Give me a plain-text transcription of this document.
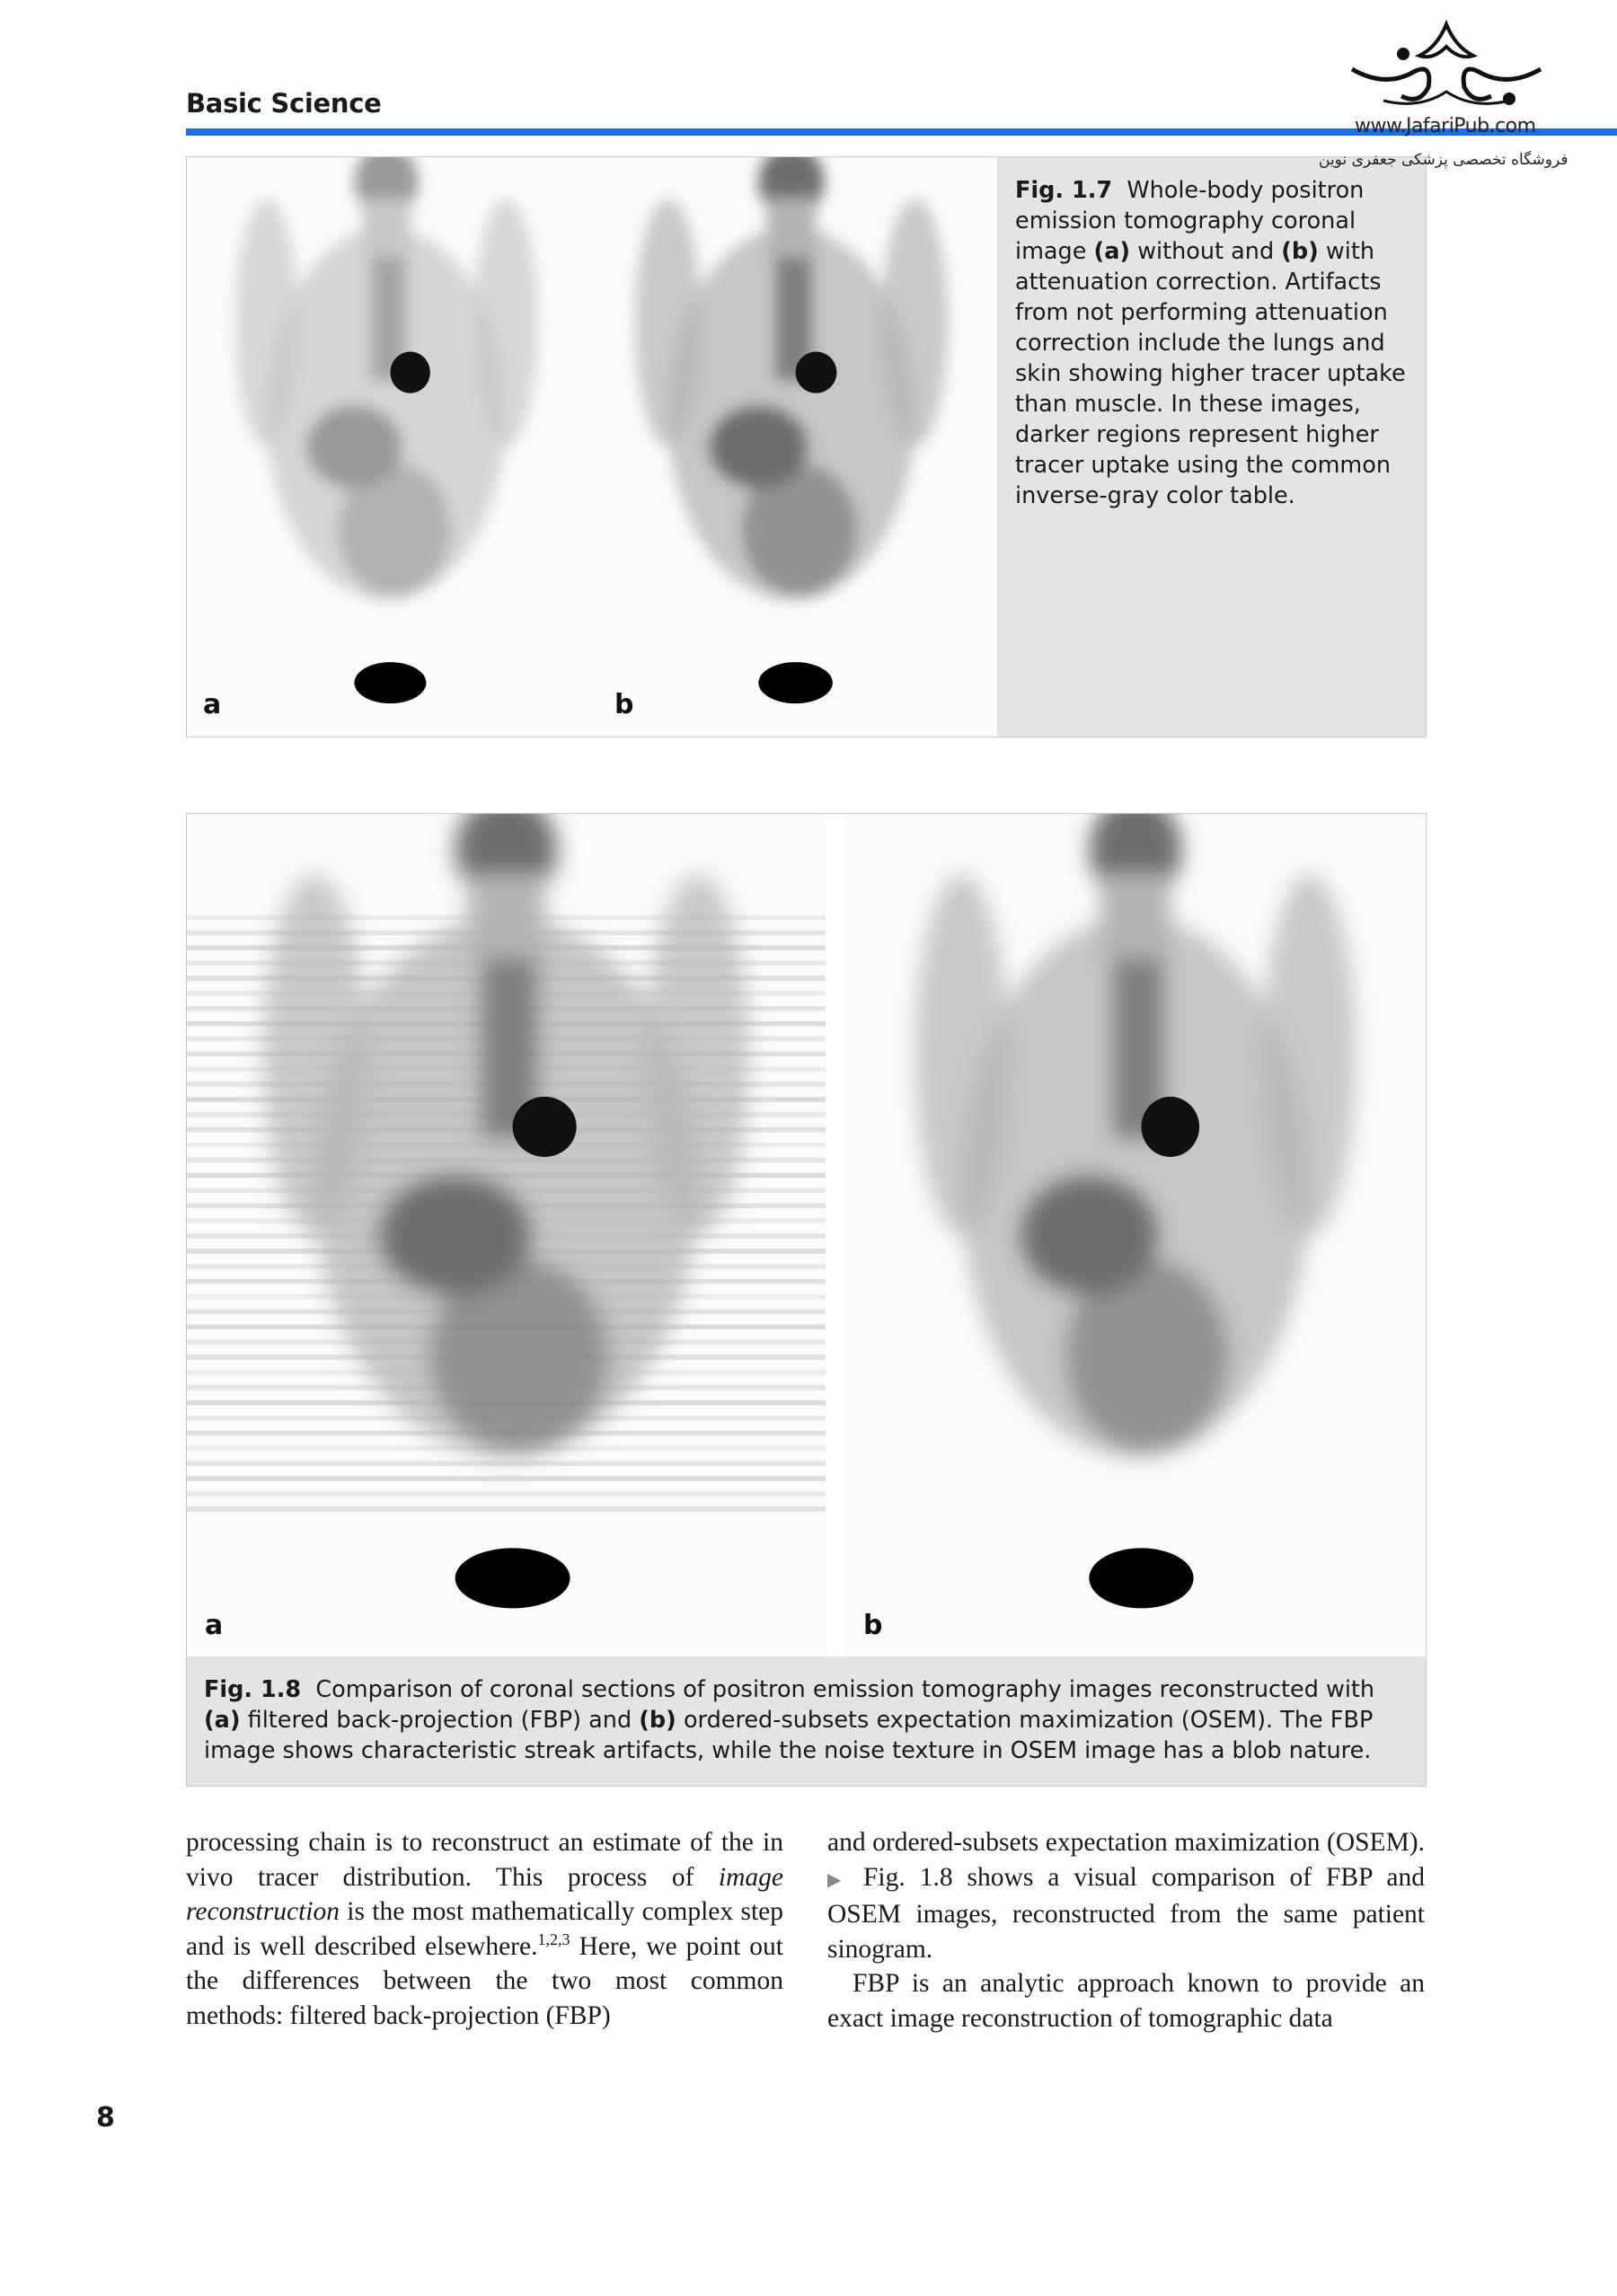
Basic Science
www.JafariPub.com
فروشگاه تخصصی پزشکی جعفری نوین
a	b
Fig. 1.7 Whole-body positron emission tomography coronal image (a) without and (b) with attenuation correction. Artifacts from not performing attenuation correction include the lungs and skin showing higher tracer uptake than muscle. In these images, darker regions represent higher tracer uptake using the common inverse-gray color table.
a	b
Fig. 1.8 Comparison of coronal sections of positron emission tomography images reconstructed with (a) filtered back-projection (FBP) and (b) ordered-subsets expectation maximization (OSEM). The FBP image shows characteristic streak artifacts, while the noise texture in OSEM image has a blob nature.

processing chain is to reconstruct an estimate of the in vivo tracer distribution. This process of image reconstruction is the most mathematically complex step and is well described elsewhere.$^{1,2,3}$ Here, we point out the differences between the two most common methods: filtered back-projection (FBP)

and ordered-subsets expectation maximization (OSEM). ▶ Fig. 1.8 shows a visual comparison of FBP and OSEM images, reconstructed from the same patient sinogram.

FBP is an analytic approach known to provide an exact image reconstruction of tomographic data

8
